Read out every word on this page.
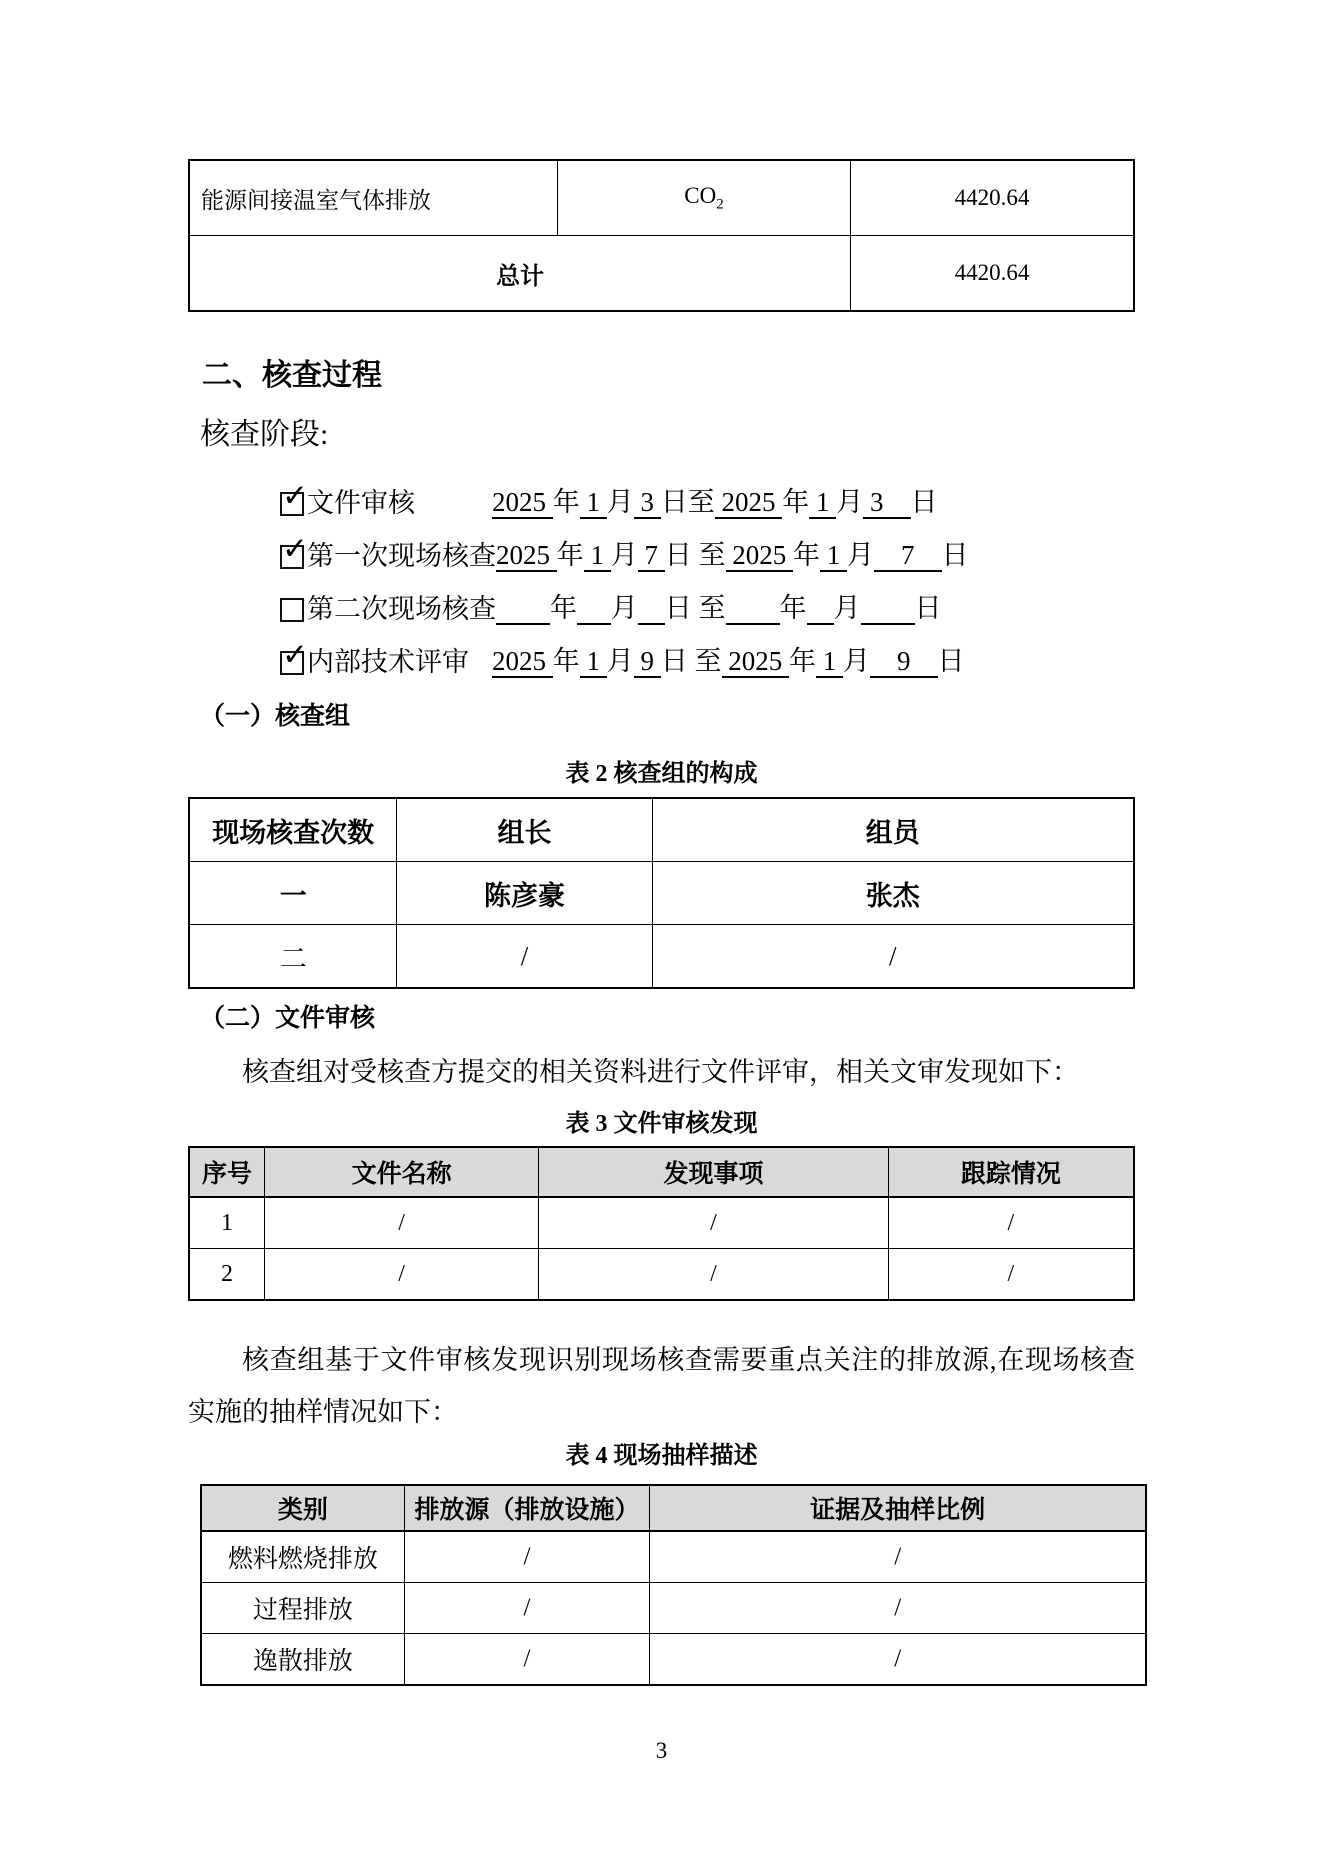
能源间接温室气体排放	$CO_2$	4420.64
总计		4420.64
二、核查过程
核查阶段:
✓
文件审核	2025 年 1 月 3 日至 2025 年 1 月 3　日
✓
第一次现场核查 2025 年 1 月 7 日 至 2025 年 1 月　7　日
第二次现场核查
　　	年　 月　 日 至　　 年　 月　　 日
✓
内部技术评审 2025 年 1 月 9 日 至 2025 年 1 月　9　日
（一）核查组
表 2 核查组的构成
现场核查次数	组长	组员
一	陈彦豪	张杰
二	/	/
（二）文件审核

核查组对受核查方提交的相关资料进行文件评审，相关文审发现如下：

表 3 文件审核发现
序号	文件名称	发现事项	跟踪情况
1	/	/	/
2	/	/	/

核查组基于文件审核发现识别现场核查需要重点关注的排放源,在现场核查实施的抽样情况如下：

表 4 现场抽样描述
类别	排放源（排放设施）	证据及抽样比例
燃料燃烧排放	/	/
过程排放	/	/
逸散排放	/	/
3
